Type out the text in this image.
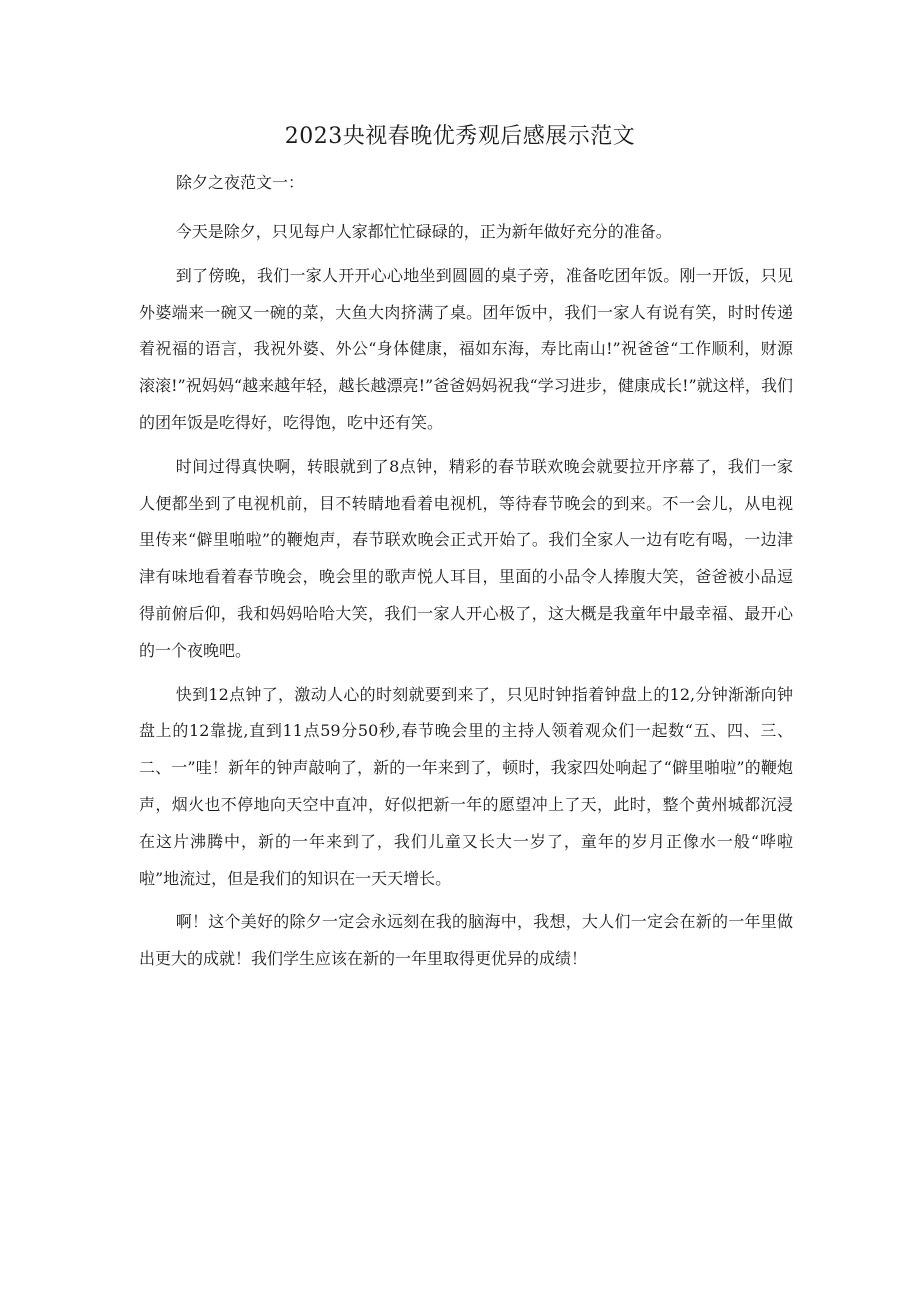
2023央视春晚优秀观后感展示范文
除夕之夜范文一：

今天是除夕，只见每户人家都忙忙碌碌的，正为新年做好充分的准备。

到了傍晚，我们一家人开开心心地坐到圆圆的桌子旁，准备吃团年饭。刚一开饭，只见外婆端来一碗又一碗的菜，大鱼大肉挤满了桌。团年饭中，我们一家人有说有笑，时时传递着祝福的语言，我祝外婆、外公“身体健康，福如东海，寿比南山!”祝爸爸“工作顺利，财源滚滚!”祝妈妈“越来越年轻，越长越漂亮!”爸爸妈妈祝我“学习进步，健康成长!”就这样，我们的团年饭是吃得好，吃得饱，吃中还有笑。

时间过得真快啊，转眼就到了8点钟，精彩的春节联欢晚会就要拉开序幕了，我们一家人便都坐到了电视机前，目不转睛地看着电视机，等待春节晚会的到来。不一会儿，从电视里传来“僻里啪啦”的鞭炮声，春节联欢晚会正式开始了。我们全家人一边有吃有喝，一边津津有味地看着春节晚会，晚会里的歌声悦人耳目，里面的小品令人捧腹大笑，爸爸被小品逗得前俯后仰，我和妈妈哈哈大笑，我们一家人开心极了，这大概是我童年中最幸福、最开心的一个夜晚吧。

快到12点钟了，激动人心的时刻就要到来了，只见时钟指着钟盘上的12,分钟渐渐向钟盘上的12靠拢,直到11点59分50秒,春节晚会里的主持人领着观众们一起数“五、四、三、二、一”哇！新年的钟声敲响了，新的一年来到了，顿时，我家四处响起了“僻里啪啦”的鞭炮声，烟火也不停地向天空中直冲，好似把新一年的愿望冲上了天，此时，整个黄州城都沉浸在这片沸腾中，新的一年来到了，我们儿童又长大一岁了，童年的岁月正像水一般“哗啦啦”地流过，但是我们的知识在一天天增长。

啊！这个美好的除夕一定会永远刻在我的脑海中，我想，大人们一定会在新的一年里做出更大的成就！我们学生应该在新的一年里取得更优异的成绩！
